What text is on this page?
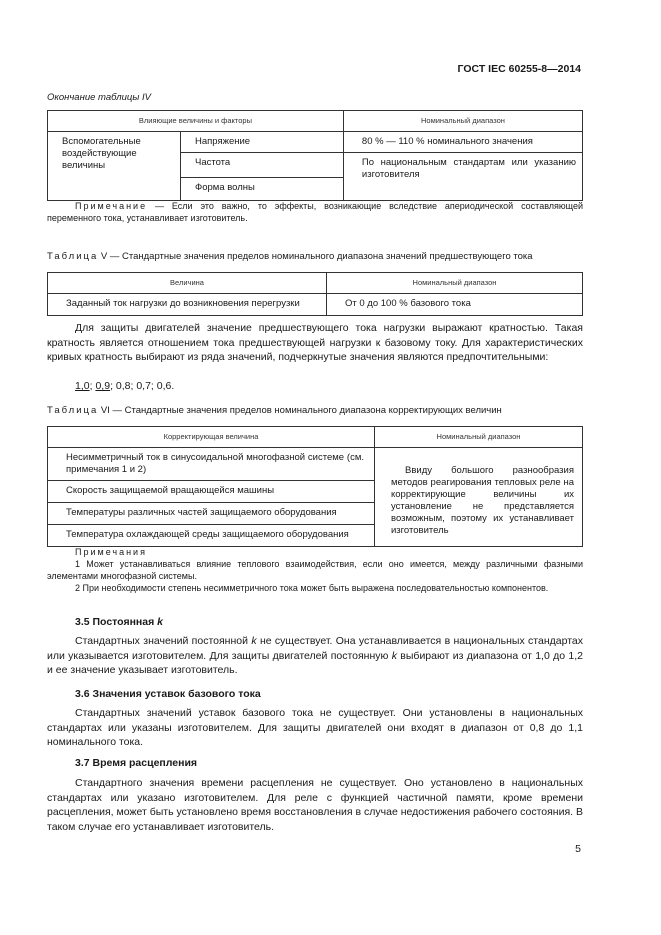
ГОСТ IEC 60255-8—2014
Окончание таблицы IV
Влияющие величины и факторы		Номинальный диапазон
Вспомогательные воздействующие величины	Напряжение	80 % — 110 % номинального значения
	Частота	По национальным стандартам или указанию изготовителя
	Форма волны	
Примечание — Если это важно, то эффекты, возникающие вследствие апериодической составляющей переменного тока, устанавливает изготовитель.
Таблица V — Стандартные значения пределов номинального диапазона значений предшествующего тока
Величина	Номинальный диапазон
Заданный ток нагрузки до возникновения перегрузки	От 0 до 100 % базового тока
Для защиты двигателей значение предшествующего тока нагрузки выражают кратностью. Такая кратность является отношением тока предшествующей нагрузки к базовому току. Для характеристических кривых кратность выбирают из ряда значений, подчеркнутые значения являются предпочтительными:
1,0; 0,9; 0,8; 0,7; 0,6.
Таблица VI — Стандартные значения пределов номинального диапазона корректирующих величин
Корректирующая величина	Номинальный диапазон
Несимметричный ток в синусоидальной многофазной системе (см. примечания 1 и 2)	Ввиду большого разнообразия методов реагирования тепловых реле на корректирующие величины их установление не представляется возможным, поэтому их устанавливает изготовитель
Скорость защищаемой вращающейся машины	
Температуры различных частей защищаемого оборудования	
Температура охлаждающей среды защищаемого оборудования	
Примечания
1 Может устанавливаться влияние теплового взаимодействия, если оно имеется, между различными фазными элементами многофазной системы.
2 При необходимости степень несимметричного тока может быть выражена последовательностью компонентов.
3.5 Постоянная k
Стандартных значений постоянной k не существует. Она устанавливается в национальных стандартах или указывается изготовителем. Для защиты двигателей постоянную k выбирают из диапазона от 1,0 до 1,2 и ее значение указывает изготовитель.
3.6 Значения уставок базового тока
Стандартных значений уставок базового тока не существует. Они установлены в национальных стандартах или указаны изготовителем. Для защиты двигателей они входят в диапазон от 0,8 до 1,1 номинального тока.
3.7 Время расцепления
Стандартного значения времени расцепления не существует. Оно установлено в национальных стандартах или указано изготовителем. Для реле с функцией частичной памяти, кроме времени расцепления, может быть установлено время восстановления в случае недостижения рабочего состояния. В таком случае его устанавливает изготовитель.
5
